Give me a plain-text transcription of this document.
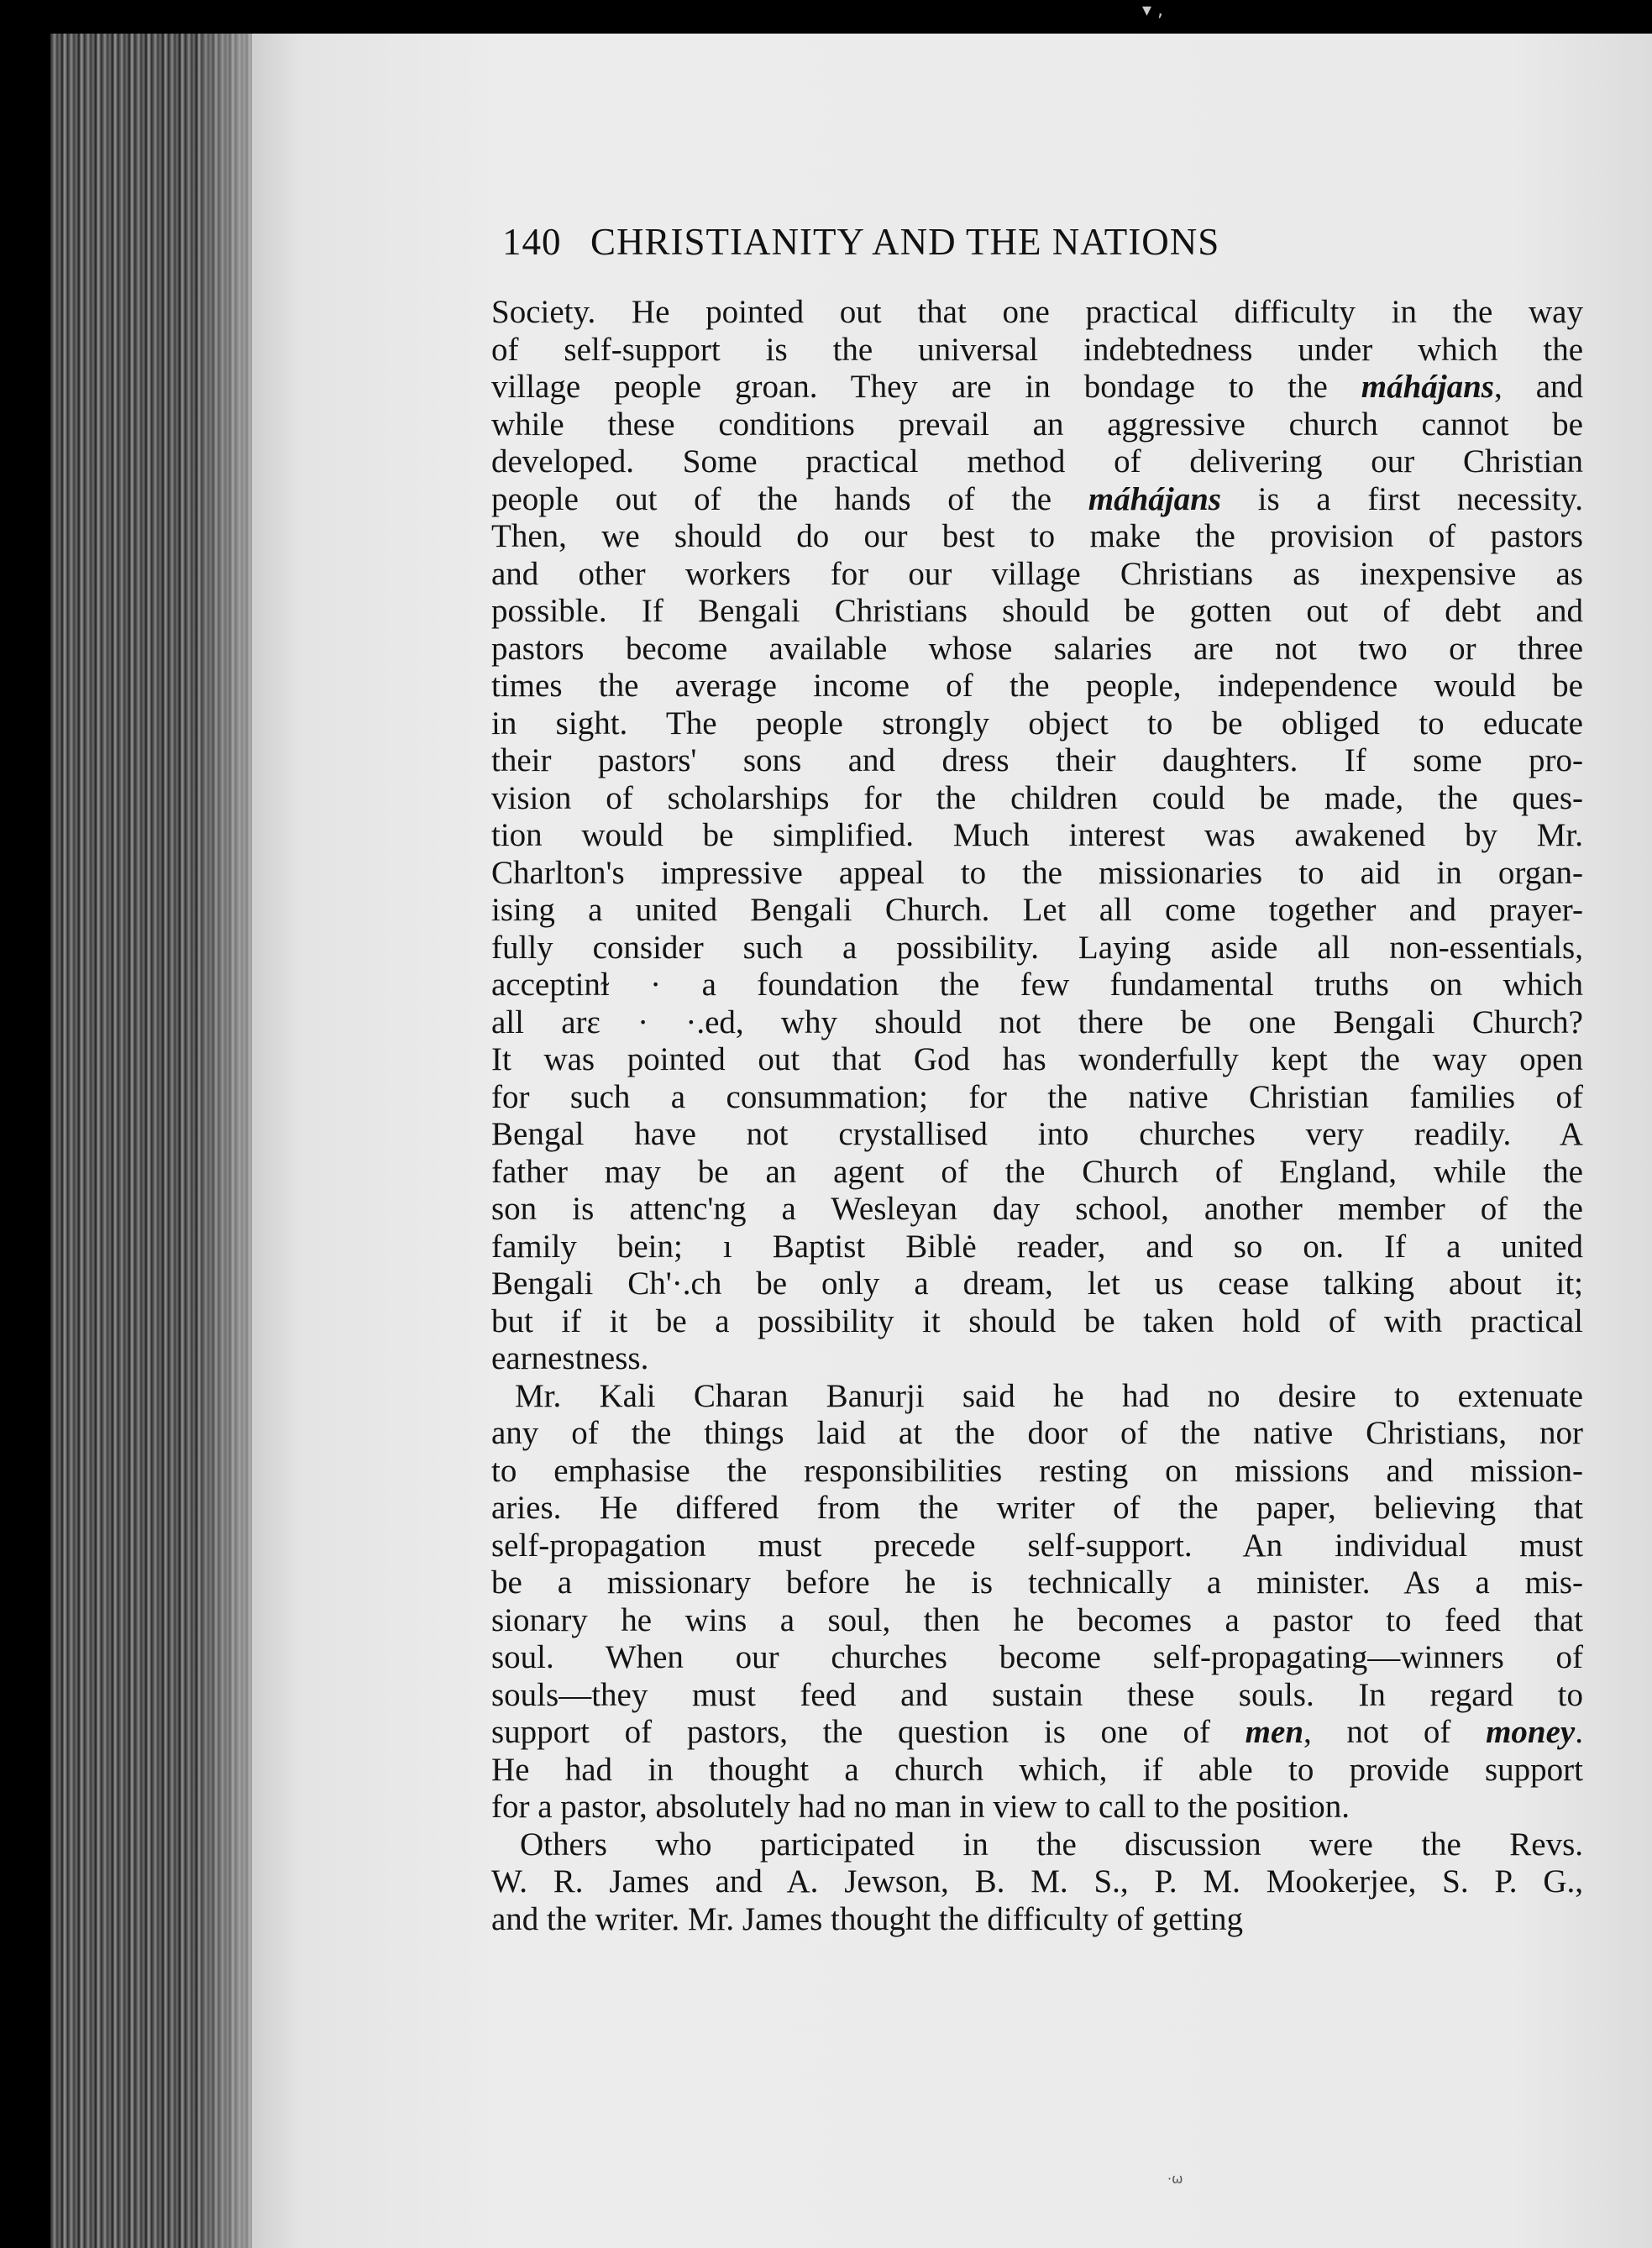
▾ ,
140 CHRISTIANITY AND THE NATIONS
Society. He pointed out that one practical difficulty in the way
of self-support is the universal indebtedness under which the
village people groan. They are in bondage to the máhájans, and
while these conditions prevail an aggressive church cannot be
developed. Some practical method of delivering our Christian
people out of the hands of the máhájans is a first necessity.
Then, we should do our best to make the provision of pastors
and other workers for our village Christians as inexpensive as
possible. If Bengali Christians should be gotten out of debt and
pastors become available whose salaries are not two or three
times the average income of the people, independence would be
in sight. The people strongly object to be obliged to educate
their pastors' sons and dress their daughters. If some pro-
vision of scholarships for the children could be made, the ques-
tion would be simplified. Much interest was awakened by Mr.
Charlton's impressive appeal to the missionaries to aid in organ-
ising a united Bengali Church. Let all come together and prayer-
fully consider such a possibility. Laying aside all non-essentials,
acceptinɫ · a foundation the few fundamental truths on which
all arɛ · ·.ed, why should not there be one Bengali Church?
It was pointed out that God has wonderfully kept the way open
for such a consummation; for the native Christian families of
Bengal have not crystallised into churches very readily. A
father may be an agent of the Church of England, while the
son is attenc'ng a Wesleyan day school, another member of the
family bein; ı Baptist Biblė reader, and so on. If a united
Bengali Ch'·.ch be only a dream, let us cease talking about it;
but if it be a possibility it should be taken hold of with practical
earnestness.
Mr. Kali Charan Banurji said he had no desire to extenuate
any of the things laid at the door of the native Christians, nor
to emphasise the responsibilities resting on missions and mission-
aries. He differed from the writer of the paper, believing that
self-propagation must precede self-support. An individual must
be a missionary before he is technically a minister. As a mis-
sionary he wins a soul, then he becomes a pastor to feed that
soul. When our churches become self-propagating—winners of
souls—they must feed and sustain these souls. In regard to
support of pastors, the question is one of men, not of money.
He had in thought a church which, if able to provide support
for a pastor, absolutely had no man in view to call to the position.
Others who participated in the discussion were the Revs.
W. R. James and A. Jewson, B. M. S., P. M. Mookerjee, S. P. G.,
and the writer. Mr. James thought the difficulty of getting
·ω
